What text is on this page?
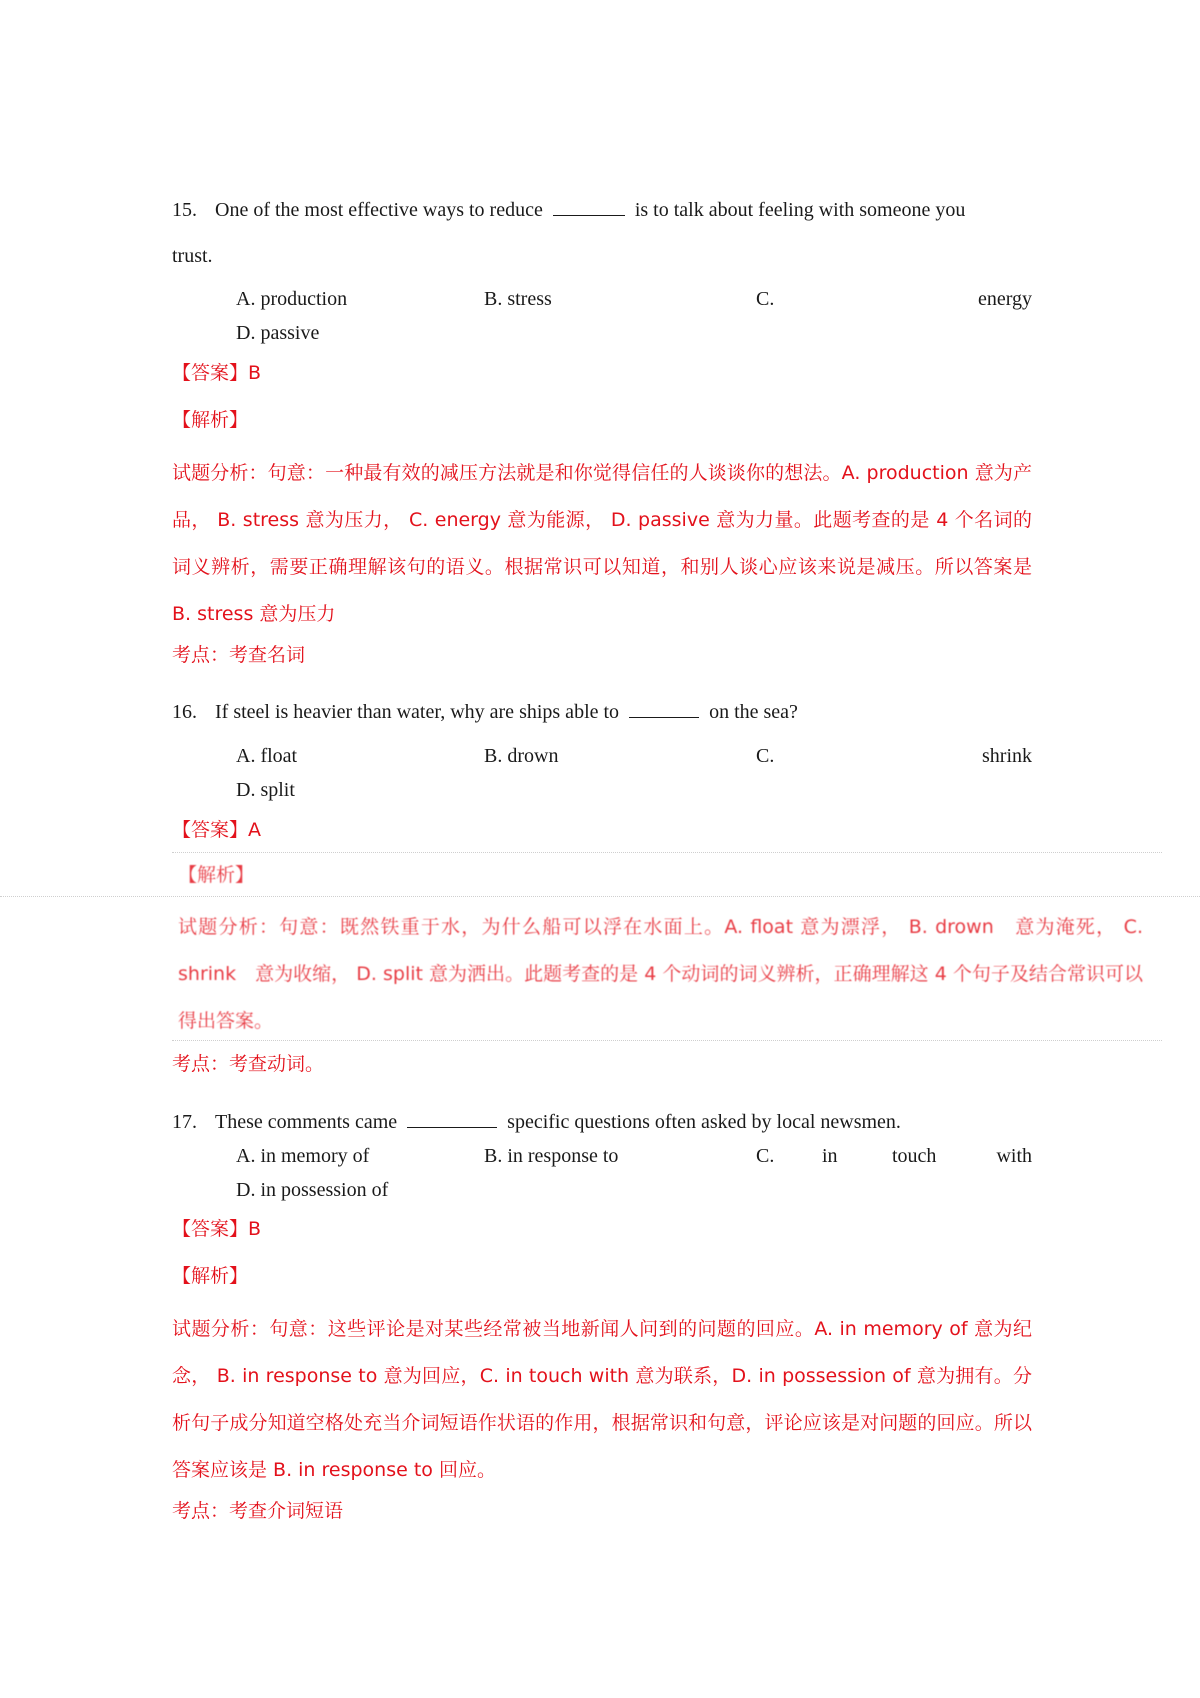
15. One of the most effective ways to reduce	is to talk about feeling with someone you
trust.
A. production	B. stress	C.	energy
D. passive
【答案】B
【解析】
试题分析：句意：一种最有效的减压方法就是和你觉得信任的人谈谈你的想法。A. production 意为产品， B. stress 意为压力， C. energy 意为能源， D. passive 意为力量。此题考查的是 4 个名词的词义辨析，需要正确理解该句的语义。根据常识可以知道，和别人谈心应该来说是减压。所以答案是 B. stress 意为压力
考点：考查名词
16. If steel is heavier than water, why are ships able to	on the sea?
A. float	B. drown	C.	shrink
D. split
【答案】A
【解析】
试题分析：句意：既然铁重于水，为什么船可以浮在水面上。A. float 意为漂浮， B. drown　意为淹死， C. shrink　意为收缩， D. split 意为洒出。此题考查的是 4 个动词的词义辨析，正确理解这 4 个句子及结合常识可以得出答案。
考点：考查动词。
17. These comments came	specific questions often asked by local newsmen.
A. in memory of	B. in response to	C. in	touch	with
D. in possession of
【答案】B
【解析】
试题分析：句意：这些评论是对某些经常被当地新闻人问到的问题的回应。A. in memory of 意为纪念， B. in response to 意为回应，C. in touch with 意为联系，D. in possession of 意为拥有。分析句子成分知道空格处充当介词短语作状语的作用，根据常识和句意，评论应该是对问题的回应。所以答案应该是 B. in response to 回应。
考点：考查介词短语
